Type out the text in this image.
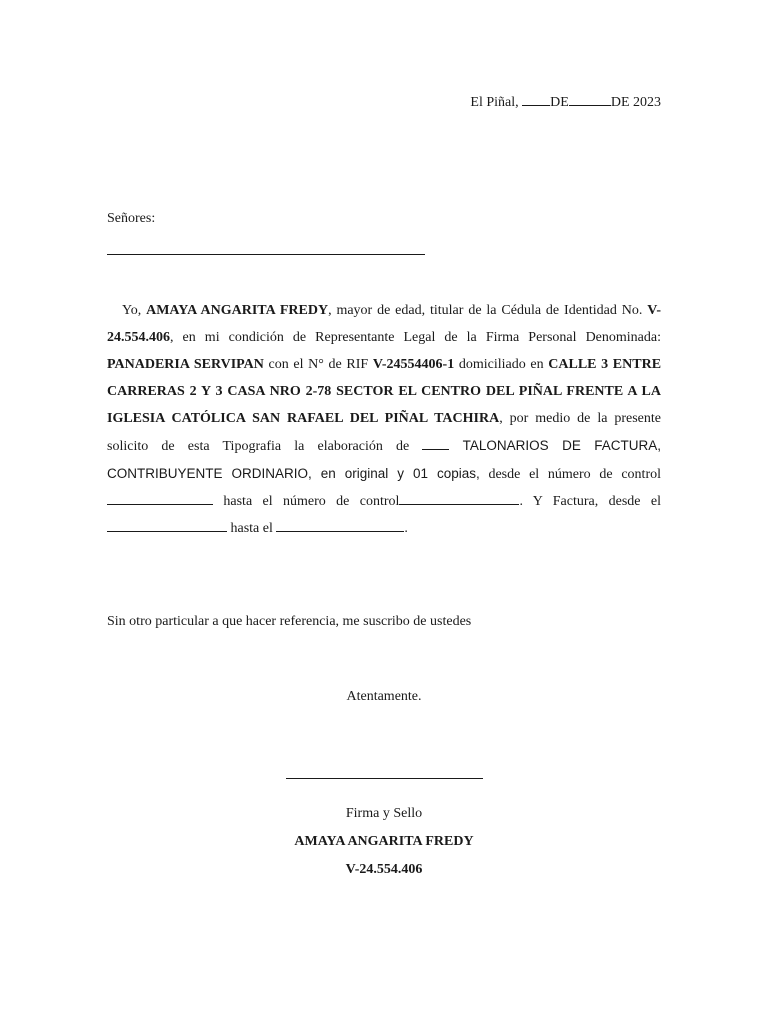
El Piñal, DE	DE 2023
Señores:
Yo, AMAYA ANGARITA FREDY, mayor de edad, titular de la Cédula de Identidad No. V-24.554.406, en mi condición de Representante Legal de la Firma Personal Denominada: PANADERIA SERVIPAN con el N° de RIF V-24554406-1 domiciliado en CALLE 3 ENTRE CARRERAS 2 Y 3 CASA NRO 2-78 SECTOR EL CENTRO DEL PIÑAL FRENTE A LA IGLESIA CATÓLICA SAN RAFAEL DEL PIÑAL TACHIRA, por medio de la presente solicito de esta Tipografia la elaboración de	TALONARIOS DE FACTURA, CONTRIBUYENTE ORDINARIO, en original y 01 copias, desde el número de control hasta el número de control	. Y Factura, desde el hasta el	.
Sin otro particular a que hacer referencia, me suscribo de ustedes
Atentamente.
Firma y Sello
AMAYA ANGARITA FREDY
V-24.554.406
